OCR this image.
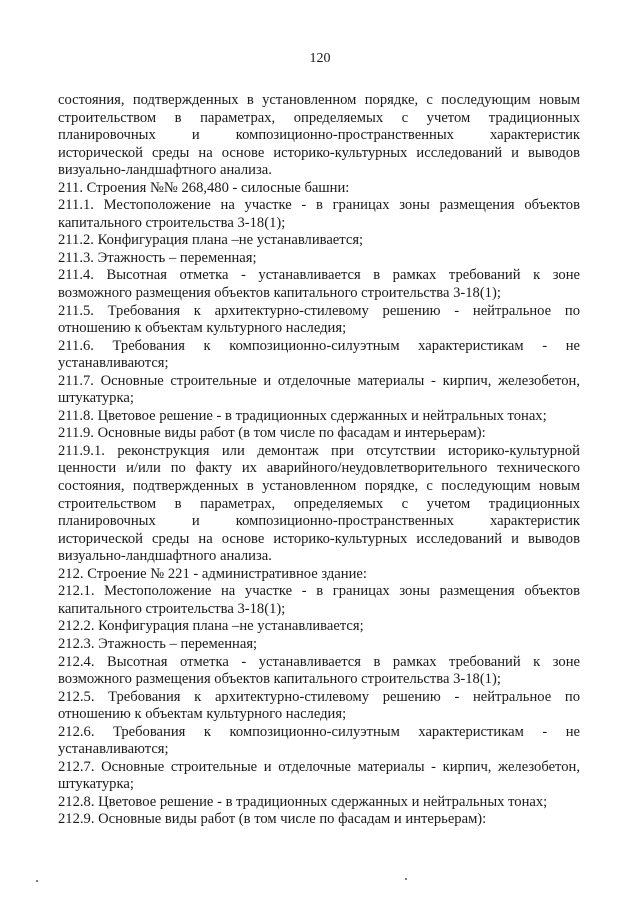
120
состояния, подтвержденных в установленном порядке, с последующим новым
строительством в параметрах, определяемых с учетом традиционных
планировочных и композиционно-пространственных характеристик
исторической среды на основе историко-культурных исследований и выводов
визуально-ландшафтного анализа.
211. Строения №№ 268,480 - силосные башни:
211.1. Местоположение на участке - в границах зоны размещения объектов
капитального строительства 3-18(1);
211.2. Конфигурация плана –не устанавливается;
211.3. Этажность – переменная;
211.4. Высотная отметка - устанавливается в рамках требований к зоне
возможного размещения объектов капитального строительства 3-18(1);
211.5. Требования к архитектурно-стилевому решению - нейтральное по
отношению к объектам культурного наследия;
211.6. Требования к композиционно-силуэтным характеристикам - не
устанавливаются;
211.7. Основные строительные и отделочные материалы - кирпич, железобетон,
штукатурка;
211.8. Цветовое решение - в традиционных сдержанных и нейтральных тонах;
211.9. Основные виды работ (в том числе по фасадам и интерьерам):
211.9.1. реконструкция или демонтаж при отсутствии историко-культурной
ценности и/или по факту их аварийного/неудовлетворительного технического
состояния, подтвержденных в установленном порядке, с последующим новым
строительством в параметрах, определяемых с учетом традиционных
планировочных и композиционно-пространственных характеристик
исторической среды на основе историко-культурных исследований и выводов
визуально-ландшафтного анализа.
212. Строение № 221 - административное здание:
212.1. Местоположение на участке - в границах зоны размещения объектов
капитального строительства 3-18(1);
212.2. Конфигурация плана –не устанавливается;
212.3. Этажность – переменная;
212.4. Высотная отметка - устанавливается в рамках требований к зоне
возможного размещения объектов капитального строительства 3-18(1);
212.5. Требования к архитектурно-стилевому решению - нейтральное по
отношению к объектам культурного наследия;
212.6. Требования к композиционно-силуэтным характеристикам - не
устанавливаются;
212.7. Основные строительные и отделочные материалы - кирпич, железобетон,
штукатурка;
212.8. Цветовое решение - в традиционных сдержанных и нейтральных тонах;
212.9. Основные виды работ (в том числе по фасадам и интерьерам):
